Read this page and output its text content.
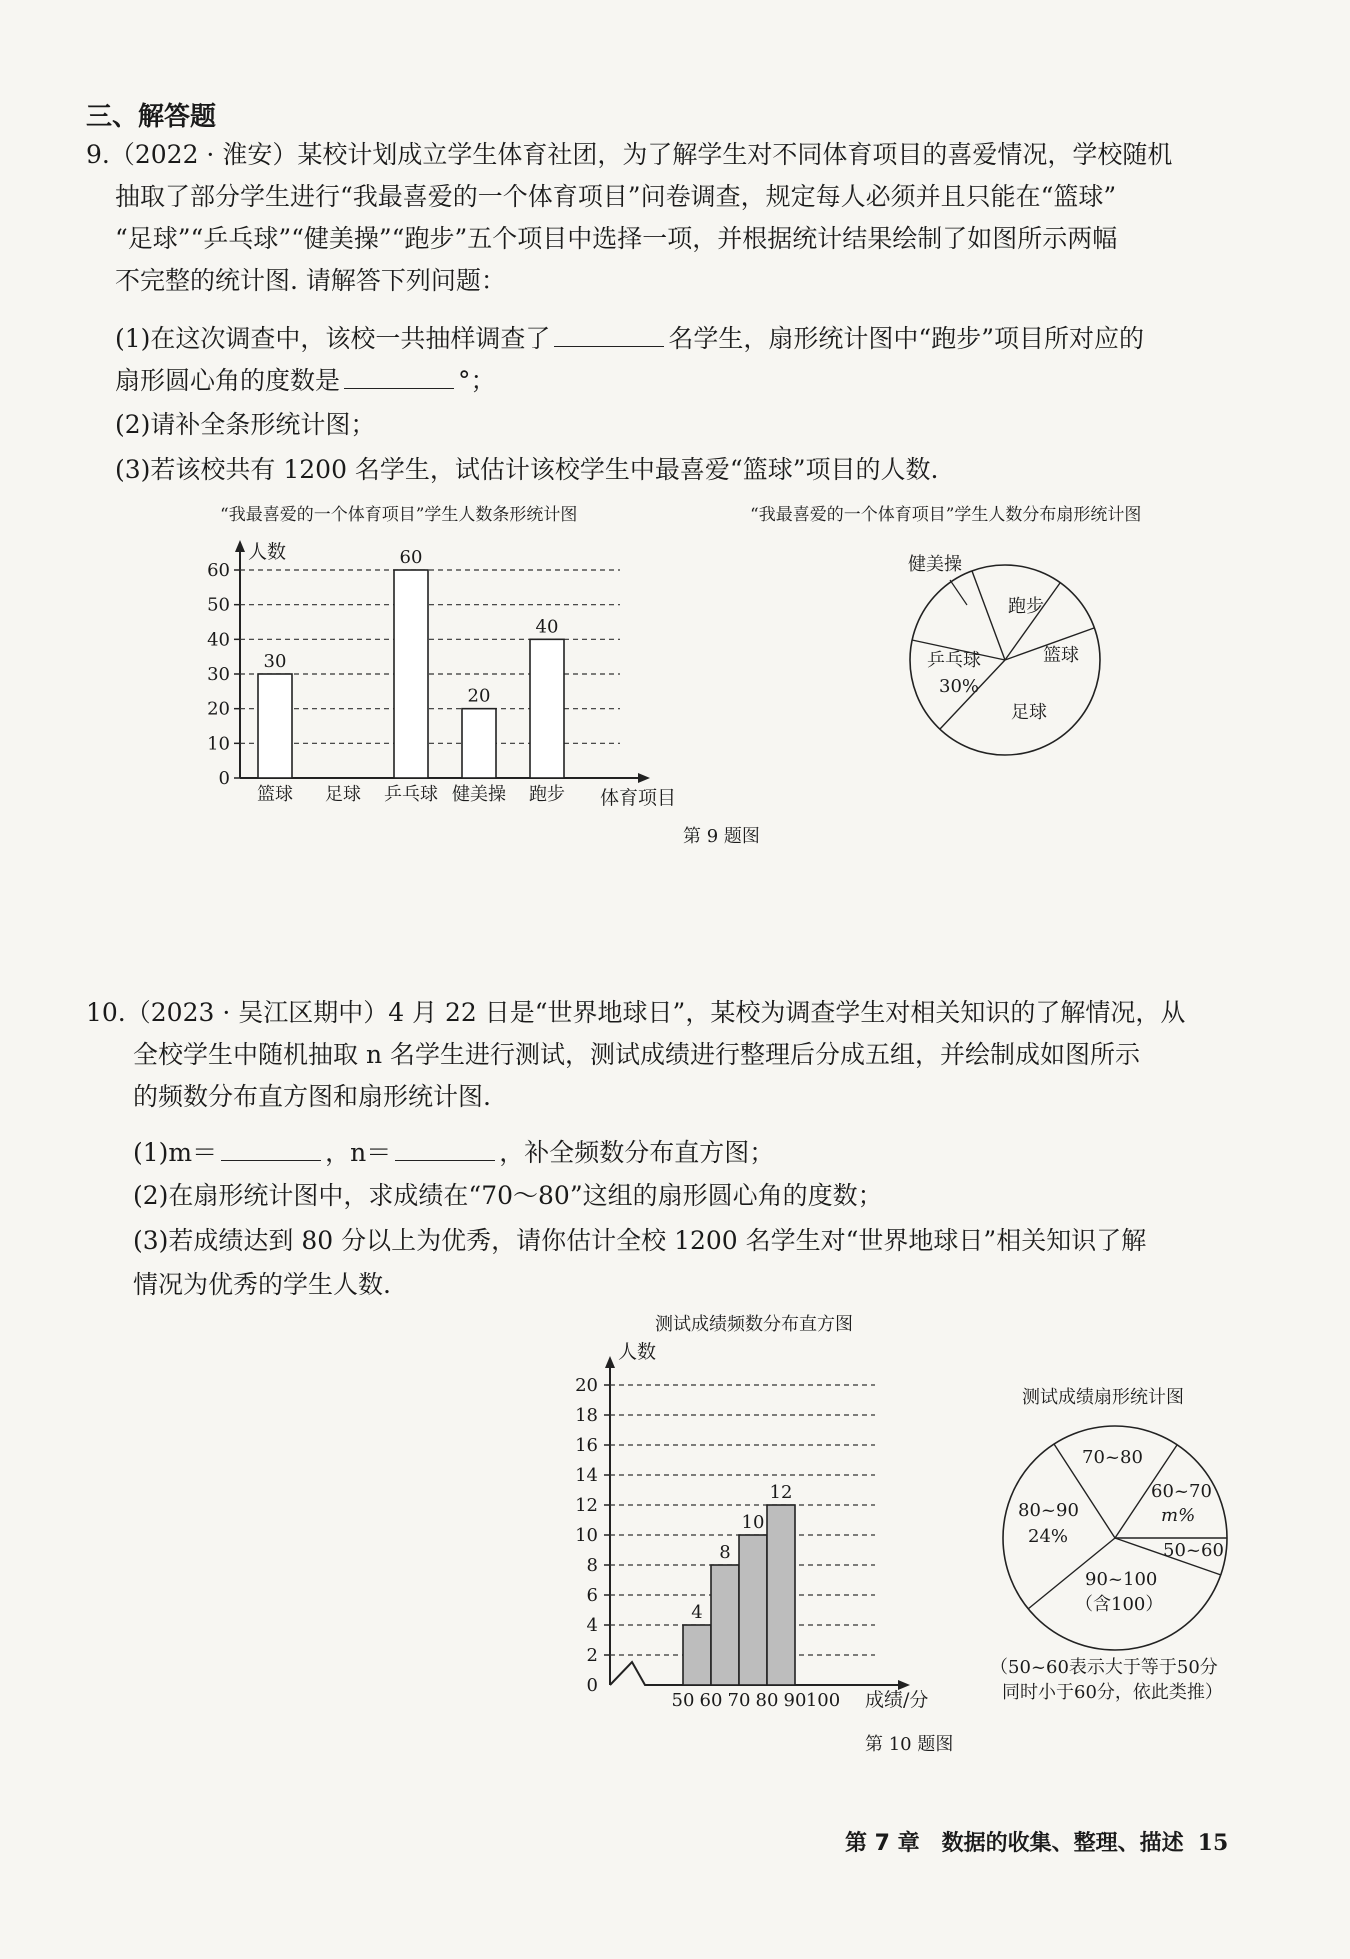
三、解答题
9.（2022 · 淮安）某校计划成立学生体育社团，为了解学生对不同体育项目的喜爱情况，学校随机
抽取了部分学生进行“我最喜爱的一个体育项目”问卷调查，规定每人必须并且只能在“篮球”
“足球”“乒乓球”“健美操”“跑步”五个项目中选择一项，并根据统计结果绘制了如图所示两幅
不完整的统计图. 请解答下列问题：
(1)在这次调查中，该校一共抽样调查了	名学生，扇形统计图中“跑步”项目所对应的
扇形圆心角的度数是	°；
(2)请补全条形统计图；
(3)若该校共有 1200 名学生，试估计该校学生中最喜爱“篮球”项目的人数.
“我最喜爱的一个体育项目”学生人数条形统计图
人数
体育项目
0
10
20
30
40
50
60
30
篮球 足球
60
乒乓球
20
健美操
40
跑步
“我最喜爱的一个体育项目”学生人数分布扇形统计图
健美操
跑步
篮球
足球
乒乓球
30%
第 9 题图
10.（2023 · 吴江区期中）4 月 22 日是“世界地球日”，某校为调查学生对相关知识的了解情况，从
全校学生中随机抽取 n 名学生进行测试，测试成绩进行整理后分成五组，并绘制成如图所示
的频数分布直方图和扇形统计图.
(1)m＝	，n＝	，补全频数分布直方图；
(2)在扇形统计图中，求成绩在“70～80”这组的扇形圆心角的度数；
(3)若成绩达到 80 分以上为优秀，请你估计全校 1200 名学生对“世界地球日”相关知识了解
情况为优秀的学生人数.
测试成绩频数分布直方图
人数
成绩/分
0
2
4
6
8
10
12
14
16
18
20
4
8
10
12
50 60 70 80 90 100
测试成绩扇形统计图
70~80
60~70
m%
50~60
90~100
（含100）
80~90
24%
（50~60表示大于等于50分
同时小于60分，依此类推）
第 10 题图
第 7 章　数据的收集、整理、描述 15
